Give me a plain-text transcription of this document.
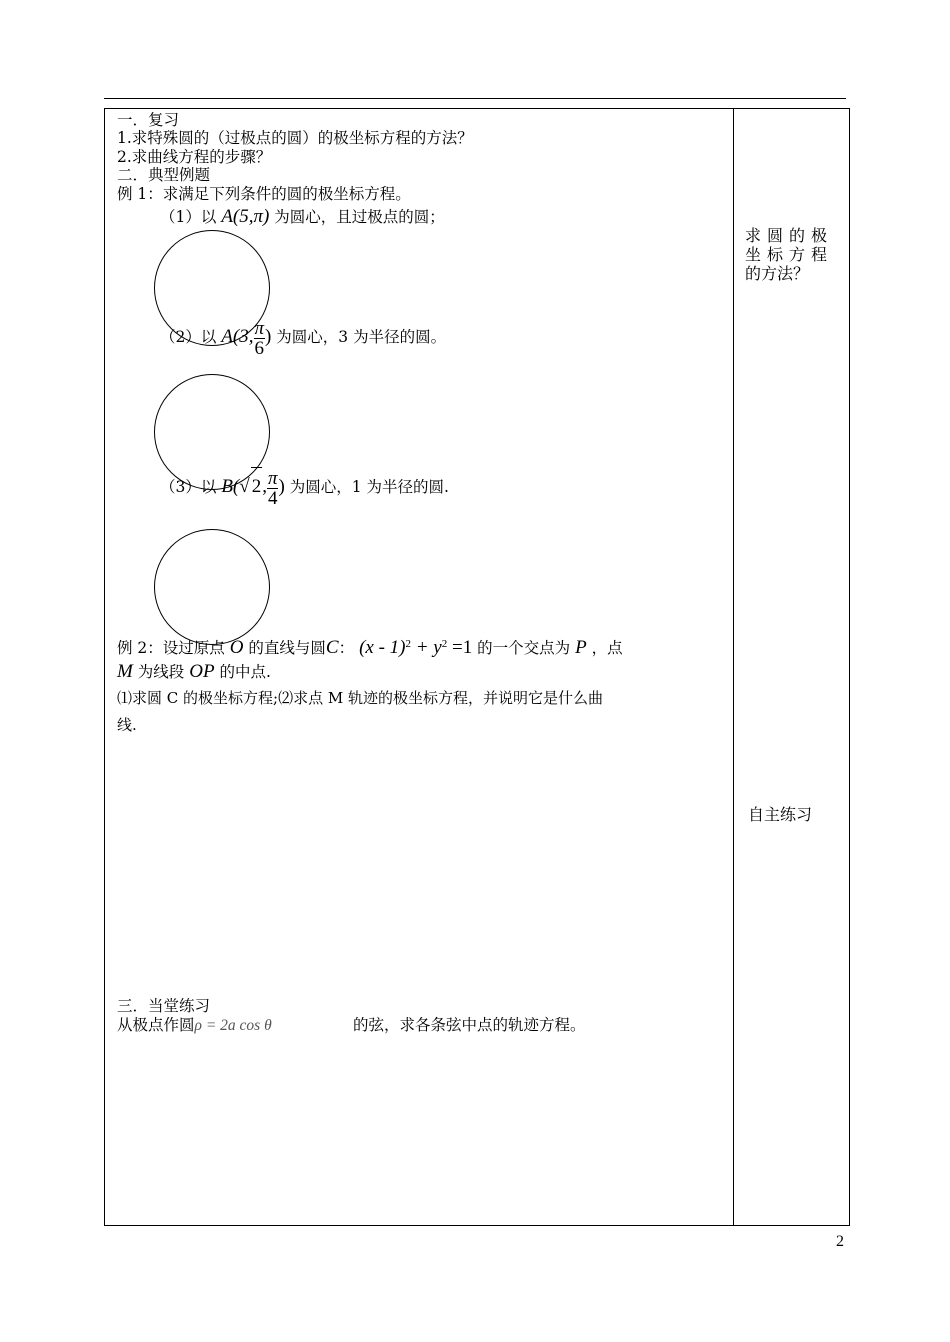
一．复习
1.求特殊圆的（过极点的圆）的极坐标方程的方法？
2.求曲线方程的步骤？
二．典型例题
例 1：求满足下列条件的圆的极坐标方程。
（1）以 A(5,π) 为圆心，且过极点的圆；
（2）以 A(3, $\frac{\pi}{6}$ ) 为圆心，3 为半径的圆。
（3）以 B(√ 2, $\frac{\pi}{4}$ ) 为圆心，1 为半径的圆.
例 2：设过原点 O 的直线与圆C： $(x - 1)^2 + y^2 =1$ 的一个交点为 P ，点
M 为线段 OP 的中点.
⑴求圆 C 的极坐标方程;⑵求点 M 轨迹的极坐标方程，并说明它是什么曲
线.
三．当堂练习
从极点作圆ρ = 2a cos θ	的弦，求各条弦中点的轨迹方程。
求圆的极
坐标方程
的方法？
自主练习
2
